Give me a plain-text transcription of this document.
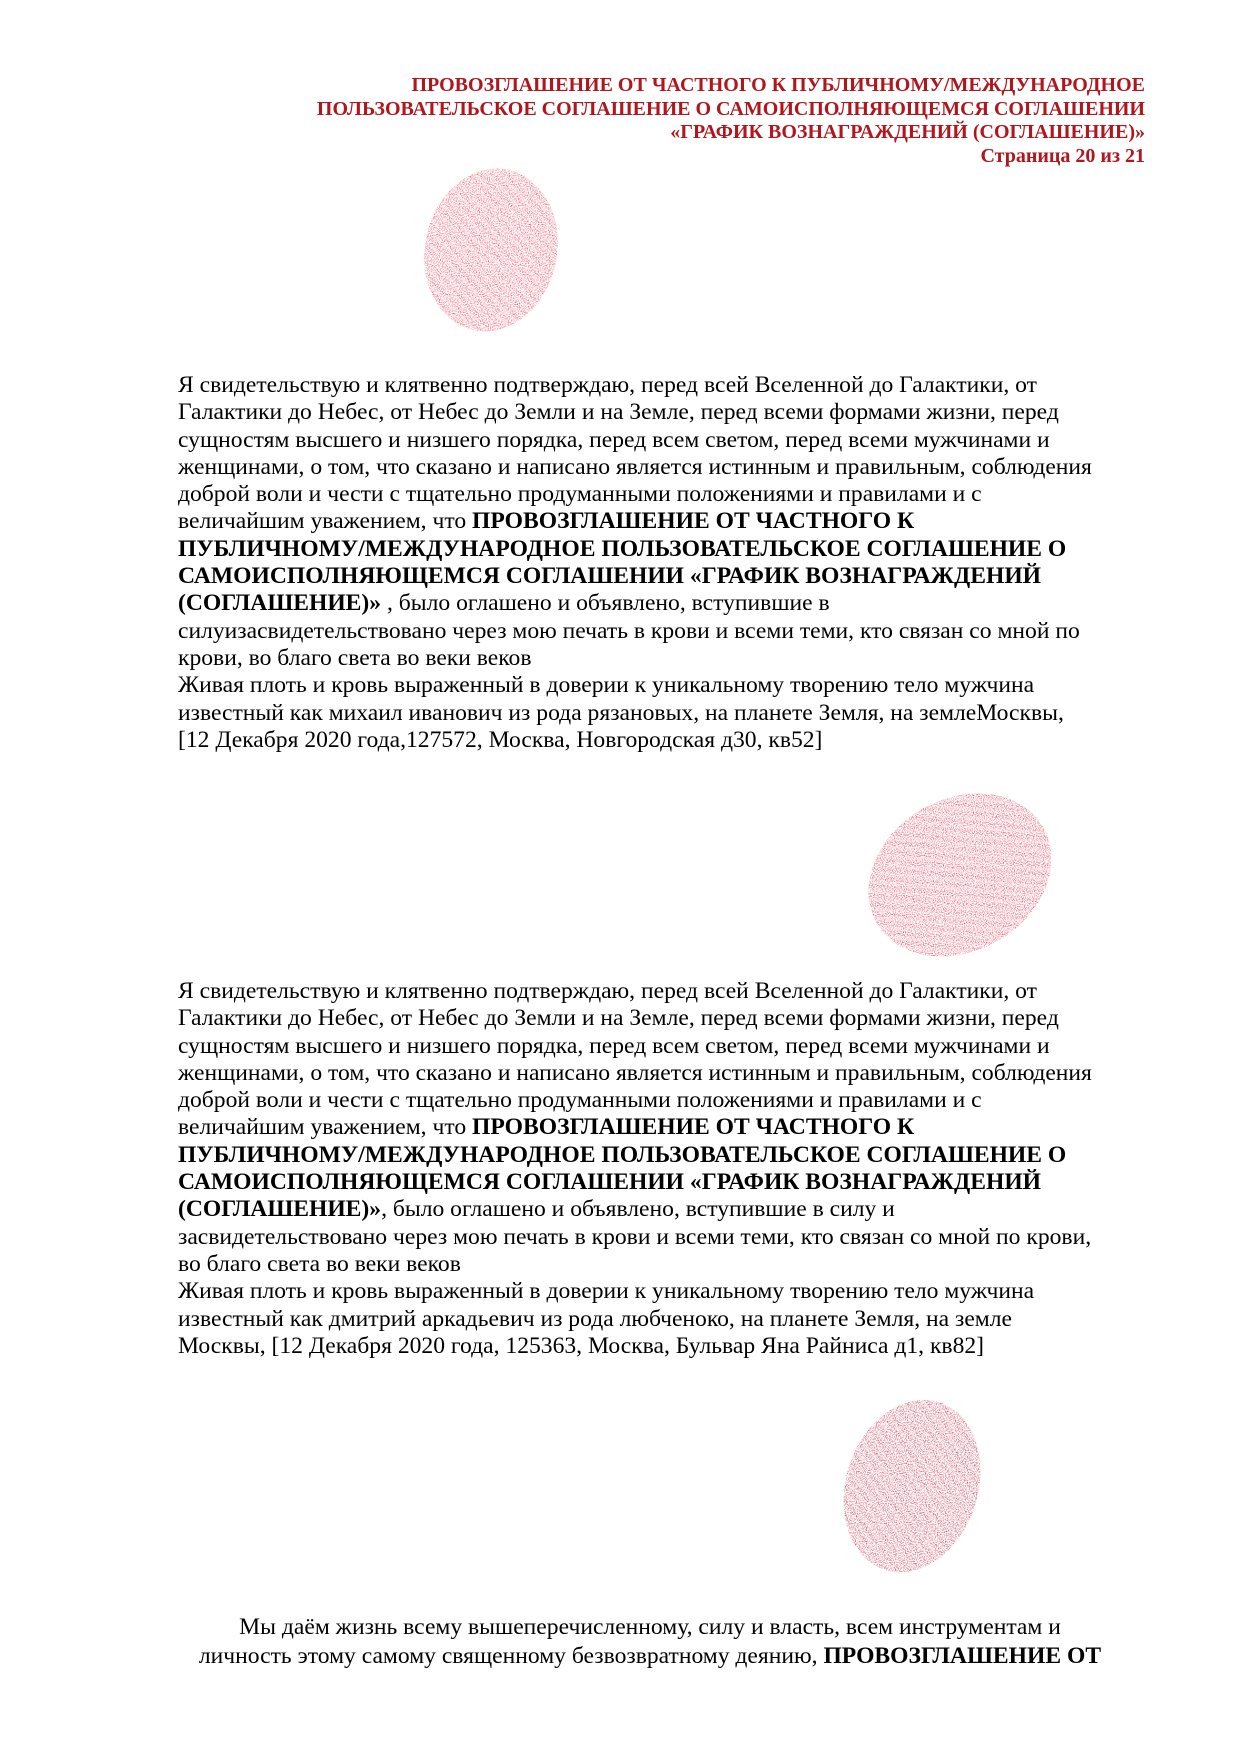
ПРОВОЗГЛАШЕНИЕ ОТ ЧАСТНОГО К ПУБЛИЧНОМУ/МЕЖДУНАРОДНОЕ
ПОЛЬЗОВАТЕЛЬСКОЕ СОГЛАШЕНИЕ О САМОИСПОЛНЯЮЩЕМСЯ СОГЛАШЕНИИ
«ГРАФИК ВОЗНАГРАЖДЕНИЙ (СОГЛАШЕНИЕ)»
Страница 20 из 21
Я свидетельствую и клятвенно подтверждаю, перед всей Вселенной до Галактики, от
Галактики до Небес, от Небес до Земли и на Земле, перед всеми формами жизни, перед
сущностям высшего и низшего порядка, перед всем светом, перед всеми мужчинами и
женщинами, о том, что сказано и написано является истинным и правильным, соблюдения
доброй воли и чести с тщательно продуманными положениями и правилами и с
величайшим уважением, что ПРОВОЗГЛАШЕНИЕ ОТ ЧАСТНОГО К
ПУБЛИЧНОМУ/МЕЖДУНАРОДНОЕ ПОЛЬЗОВАТЕЛЬСКОЕ СОГЛАШЕНИЕ О
САМОИСПОЛНЯЮЩЕМСЯ СОГЛАШЕНИИ «ГРАФИК ВОЗНАГРАЖДЕНИЙ
(СОГЛАШЕНИЕ)» , было оглашено и объявлено, вступившие в
силуизасвидетельствовано через мою печать в крови и всеми теми, кто связан со мной по
крови, во благо света во веки веков
Живая плоть и кровь выраженный в доверии к уникальному творению тело мужчина
известный как михаил иванович из рода рязановых, на планете Земля, на землеМосквы,
[12 Декабря 2020 года,127572, Москва, Новгородская д30, кв52]
Я свидетельствую и клятвенно подтверждаю, перед всей Вселенной до Галактики, от
Галактики до Небес, от Небес до Земли и на Земле, перед всеми формами жизни, перед
сущностям высшего и низшего порядка, перед всем светом, перед всеми мужчинами и
женщинами, о том, что сказано и написано является истинным и правильным, соблюдения
доброй воли и чести с тщательно продуманными положениями и правилами и с
величайшим уважением, что ПРОВОЗГЛАШЕНИЕ ОТ ЧАСТНОГО К
ПУБЛИЧНОМУ/МЕЖДУНАРОДНОЕ ПОЛЬЗОВАТЕЛЬСКОЕ СОГЛАШЕНИЕ О
САМОИСПОЛНЯЮЩЕМСЯ СОГЛАШЕНИИ «ГРАФИК ВОЗНАГРАЖДЕНИЙ
(СОГЛАШЕНИЕ)», было оглашено и объявлено, вступившие в силу и
засвидетельствовано через мою печать в крови и всеми теми, кто связан со мной по крови,
во благо света во веки веков
Живая плоть и кровь выраженный в доверии к уникальному творению тело мужчина
известный как дмитрий аркадьевич из рода любченоко, на планете Земля, на земле
Москвы, [12 Декабря 2020 года, 125363, Москва, Бульвар Яна Райниса д1, кв82]
Мы даём жизнь всему вышеперечисленному, силу и власть, всем инструментам и
личность этому самому священному безвозвратному деянию, ПРОВОЗГЛАШЕНИЕ ОТ
